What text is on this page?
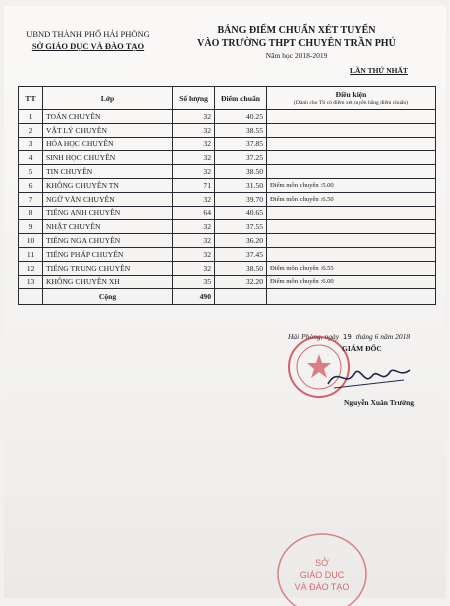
UBND THÀNH PHỐ HẢI PHÒNG
SỞ GIÁO DỤC VÀ ĐÀO TẠO
BẢNG ĐIỂM CHUẨN XÉT TUYỂN
VÀO TRƯỜNG THPT CHUYÊN TRẦN PHÚ
Năm học 2018-2019
LẦN THỨ NHẤT
TT	Lớp	Số lượng	Điểm chuẩn	Điều kiện
(Dành cho TS có điểm xét tuyển bằng điểm chuẩn)

1	TOÁN CHUYÊN	32	40.25	
2	VẬT LÝ CHUYÊN	32	38.55	
3	HÓA HỌC CHUYÊN	32	37.85	
4	SINH HỌC CHUYÊN	32	37.25	
5	TIN CHUYÊN	32	38.50	
6	KHÔNG CHUYÊN TN	71	31.50	Điểm môn chuyên :5.00
7	NGỮ VĂN CHUYÊN	32	39.70	Điểm môn chuyên :6.50
8	TIẾNG ANH CHUYÊN	64	40.65	
9	NHẬT CHUYÊN	32	37.55	
10	TIẾNG NGA CHUYÊN	32	36.20	
11	TIẾNG PHÁP CHUYÊN	32	37.45	
12	TIẾNG TRUNG CHUYÊN	32	38.50	Điểm môn chuyên :6.55
13	KHÔNG CHUYÊN XH	35	32.20	Điểm môn chuyên :6.00
	Cộng	490		
Hải Phòng, ngày 19 tháng 6 năm 2018
GIÁM ĐỐC
Nguyễn Xuân Trường
SỞ
GIÁO DỤC
VÀ ĐÀO TẠO
